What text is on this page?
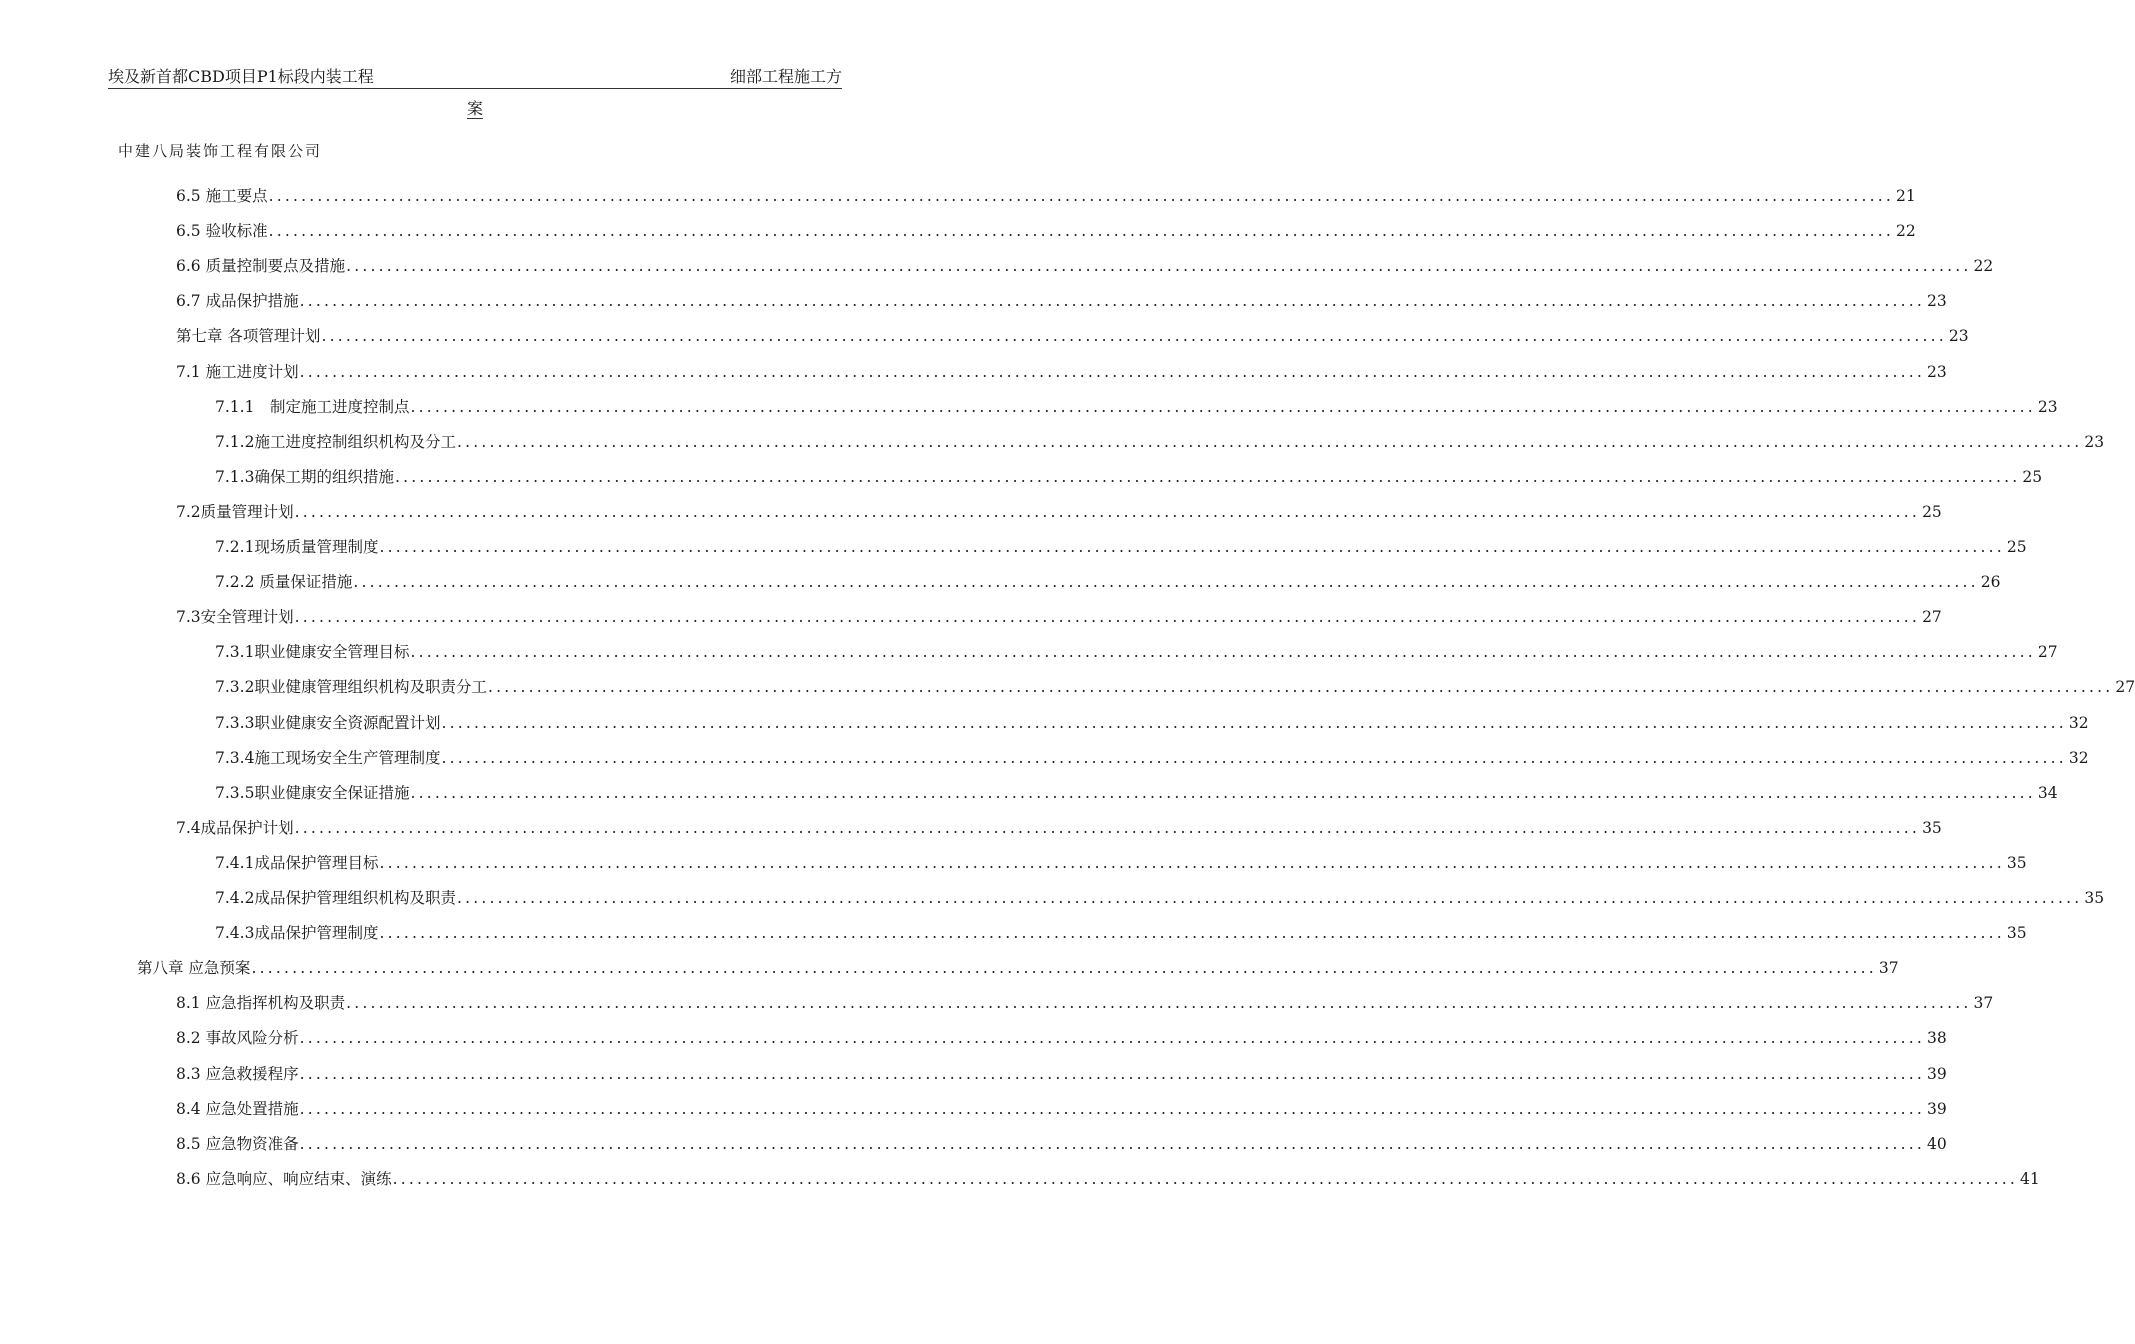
埃及新首都CBD项目P1标段内装工程	细部工程施工方
案
中建八局装饰工程有限公司
6.5 施工要点 ........................................................................................................................................................................................................ 21
6.5 验收标准 ........................................................................................................................................................................................................ 22
6.6 质量控制要点及措施 ........................................................................................................................................................................................................ 22
6.7 成品保护措施 ........................................................................................................................................................................................................ 23
第七章 各项管理计划 ........................................................................................................................................................................................................ 23
7.1 施工进度计划 ........................................................................................................................................................................................................ 23
7.1.1　制定施工进度控制点 ........................................................................................................................................................................................................ 23
7.1.2施工进度控制组织机构及分工 ........................................................................................................................................................................................................ 23
7.1.3确保工期的组织措施 ........................................................................................................................................................................................................ 25
7.2质量管理计划 ........................................................................................................................................................................................................ 25
7.2.1现场质量管理制度 ........................................................................................................................................................................................................ 25
7.2.2 质量保证措施 ........................................................................................................................................................................................................ 26
7.3安全管理计划 ........................................................................................................................................................................................................ 27
7.3.1职业健康安全管理目标 ........................................................................................................................................................................................................ 27
7.3.2职业健康管理组织机构及职责分工 ........................................................................................................................................................................................................ 27
7.3.3职业健康安全资源配置计划 ........................................................................................................................................................................................................ 32
7.3.4施工现场安全生产管理制度 ........................................................................................................................................................................................................ 32
7.3.5职业健康安全保证措施 ........................................................................................................................................................................................................ 34
7.4成品保护计划 ........................................................................................................................................................................................................ 35
7.4.1成品保护管理目标 ........................................................................................................................................................................................................ 35
7.4.2成品保护管理组织机构及职责 ........................................................................................................................................................................................................ 35
7.4.3成品保护管理制度 ........................................................................................................................................................................................................ 35
第八章 应急预案 ........................................................................................................................................................................................................ 37
8.1 应急指挥机构及职责 ........................................................................................................................................................................................................ 37
8.2 事故风险分析 ........................................................................................................................................................................................................ 38
8.3 应急救援程序 ........................................................................................................................................................................................................ 39
8.4 应急处置措施 ........................................................................................................................................................................................................ 39
8.5 应急物资准备 ........................................................................................................................................................................................................ 40
8.6 应急响应、响应结束、演练 ........................................................................................................................................................................................................ 41
